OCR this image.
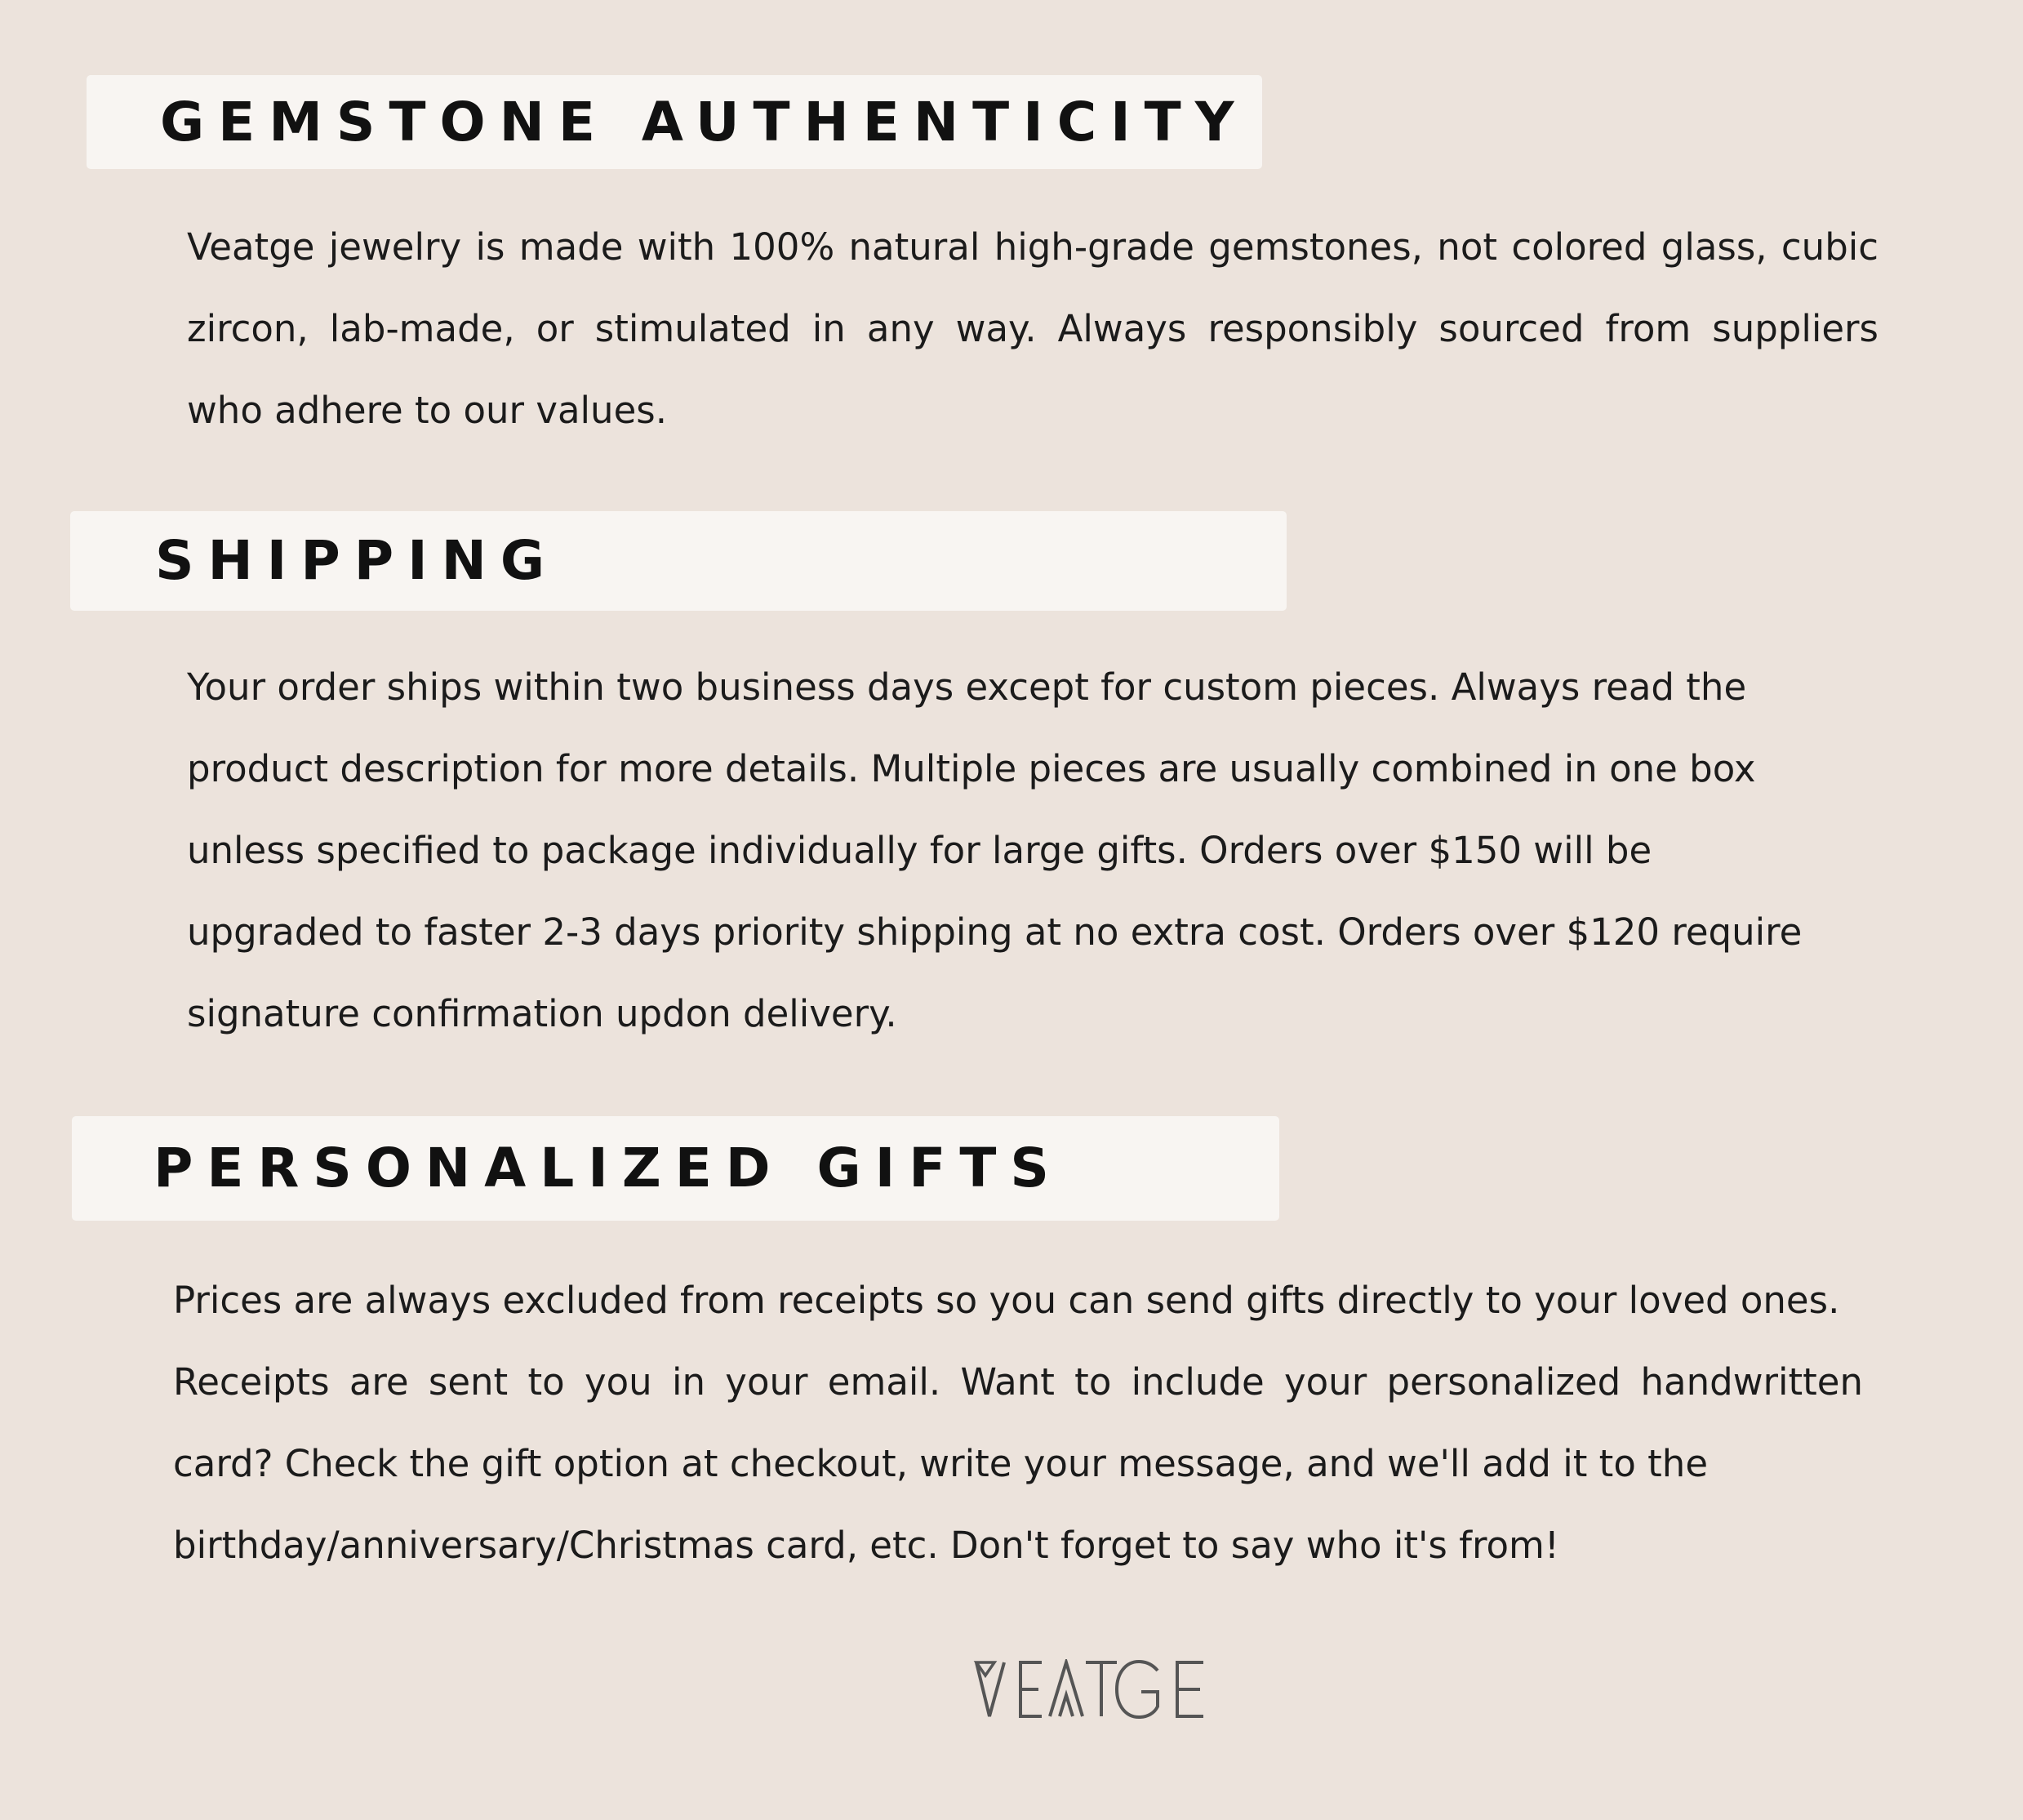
GEMSTONE AUTHENTICITY
Veatge jewelry is made with 100% natural high-grade gemstones, not colored glass, cubic
zircon, lab-made, or stimulated in any way. Always responsibly sourced from suppliers
who adhere to our values.
SHIPPING
Your order ships within two business days except for custom pieces. Always read the
product description for more details. Multiple pieces are usually combined in one box
unless specified to package individually for large gifts. Orders over $150 will be
upgraded to faster 2-3 days priority shipping at no extra cost. Orders over $120 require
signature confirmation updon delivery.
PERSONALIZED GIFTS
Prices are always excluded from receipts so you can send gifts directly to your loved ones.
Receipts are sent to you in your email. Want to include your personalized handwritten
card? Check the gift option at checkout, write your message, and we'll add it to the
birthday/anniversary/Christmas card, etc. Don't forget to say who it's from!
